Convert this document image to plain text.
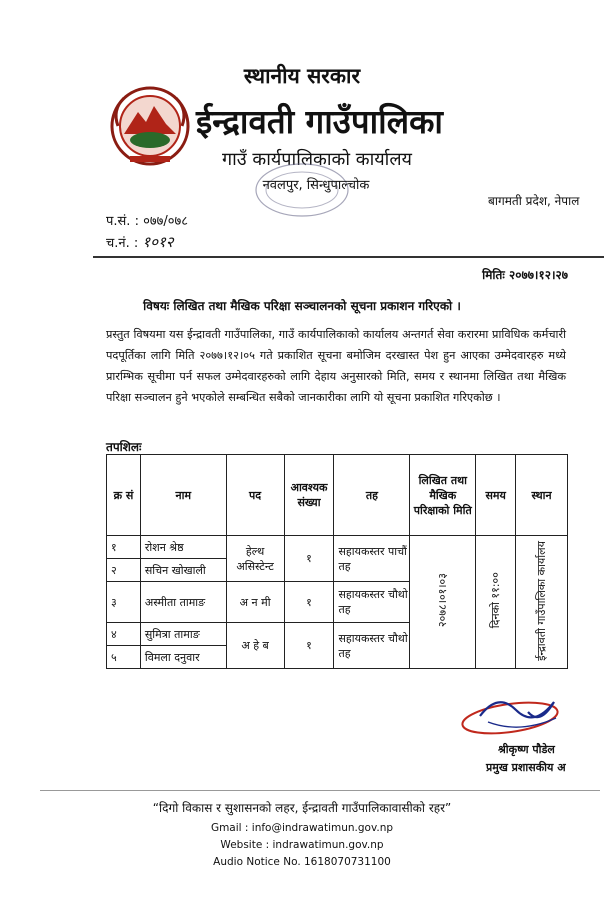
स्थानीय सरकार
ईन्द्रावती गाउँपालिका
गाउँ कार्यपालिकाको कार्यालय
नवलपुर, सिन्धुपाल्चोक
बागमती प्रदेश, नेपाल
प.सं. : ०७७/०७८
च.नं. : १०१२
मितिः २०७७।१२।२७
विषयः लिखित तथा मैखिक परिक्षा सञ्चालनको सूचना प्रकाशन गरिएको ।
प्रस्तुत विषयमा यस ईन्द्रावती गाउँपालिका, गाउँ कार्यपालिकाको कार्यालय अन्तगर्त सेवा करारमा प्राविधिक कर्मचारी पदपूर्तिका लागि मिति २०७७।१२।०५ गते प्रकाशित सूचना बमोजिम दरखास्त पेश हुन आएका उम्मेदवारहरु मध्ये प्रारम्भिक सूचीमा पर्न सफल उम्मेदवारहरुको लागि देहाय अनुसारको मिति, समय र स्थानमा लिखित तथा मैखिक परिक्षा सञ्चालन हुने भएकोले सम्बन्धित सबैको जानकारीका लागि यो सूचना प्रकाशित गरिएकोछ ।
तपशिलः
क्र सं	नाम	पद	आवश्यक संख्या	तह	लिखित तथा मैखिक परिक्षाको मिति	समय	स्थान
१	रोशन श्रेष्ठ	हेल्थ असिस्टेन्ट	१	सहायकस्तर पाचौं तह	२०७८।०१।०३	दिनको ११:००	ईन्द्रावती गाउँपालिका कार्यालय
२	सचिन खोखाली						
३	अस्मीता तामाङ	अ न मी	१	सहायकस्तर चौथो तह			
४	सुमित्रा तामाङ	अ हे ब	१	सहायकस्तर चौथो तह			
५	विमला दनुवार						
श्रीकृष्ण पौडेल
प्रमुख प्रशासकीय अ
“दिगो विकास र सुशासनको लहर, ईन्द्रावती गाउँपालिकावासीको रहर”
Gmail : info@indrawatimun.gov.np
Website : indrawatimun.gov.np
Audio Notice No. 1618070731100
